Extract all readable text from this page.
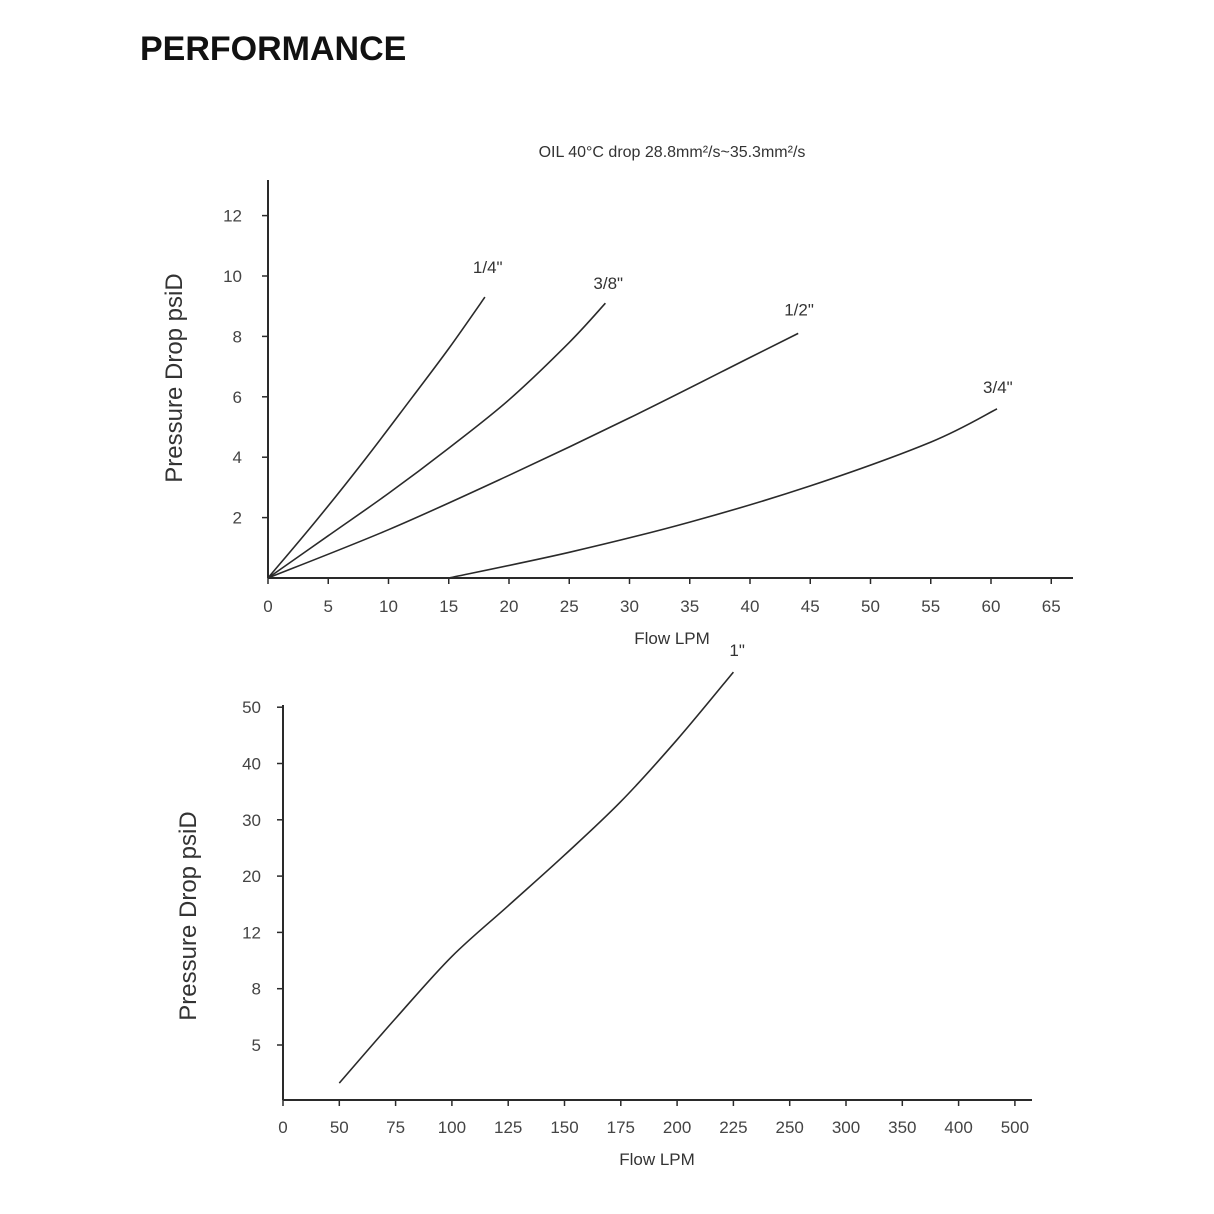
PERFORMANCE
OIL 40°C drop 28.8mm²/s~35.3mm²/s
0	5	10 15 20 25 30 35 40 45 50 55 60 65
2
4
6
8
10
12
Flow LPM
Pressure Drop psiD
1/4"
3/8"
1/2"
3/4"
0 50 75 100 125 150 175 200 225 250 300 350 400 500
5
8
12
20
30
40
50
Flow LPM
Pressure Drop psiD
1"
